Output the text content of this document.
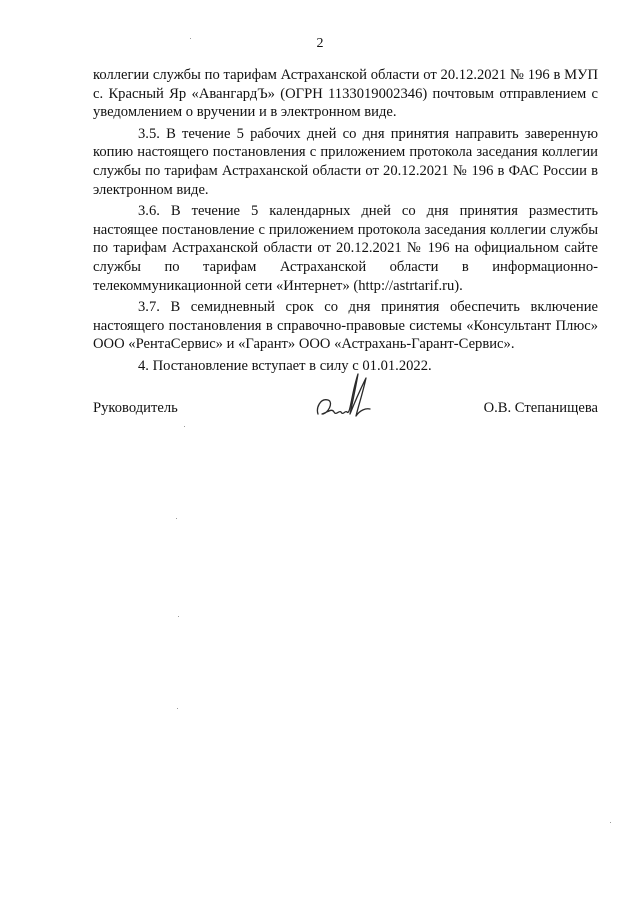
2

коллегии службы по тарифам Астраханской области от 20.12.2021 № 196 в МУП с. Красный Яр «АвангардЪ» (ОГРН 1133019002346) почтовым отправлением с уведомлением о вручении и в электронном виде.

3.5. В течение 5 рабочих дней со дня принятия направить заверенную копию настоящего постановления с приложением протокола заседания коллегии службы по тарифам Астраханской области от 20.12.2021 № 196 в ФАС России в электронном виде.

3.6. В течение 5 календарных дней со дня принятия разместить настоящее постановление с приложением протокола заседания коллегии службы по тарифам Астраханской области от 20.12.2021 № 196 на официальном сайте службы по тарифам Астраханской области в информационно-телекоммуникационной сети «Интернет» (http://astrtarif.ru).

3.7. В семидневный срок со дня принятия обеспечить включение настоящего постановления в справочно-правовые системы «Консультант Плюс» ООО «РентаСервис» и «Гарант» ООО «Астрахань-Гарант-Сервис».

4. Постановление вступает в силу с 01.01.2022.

Руководитель	О.В. Степанищева
